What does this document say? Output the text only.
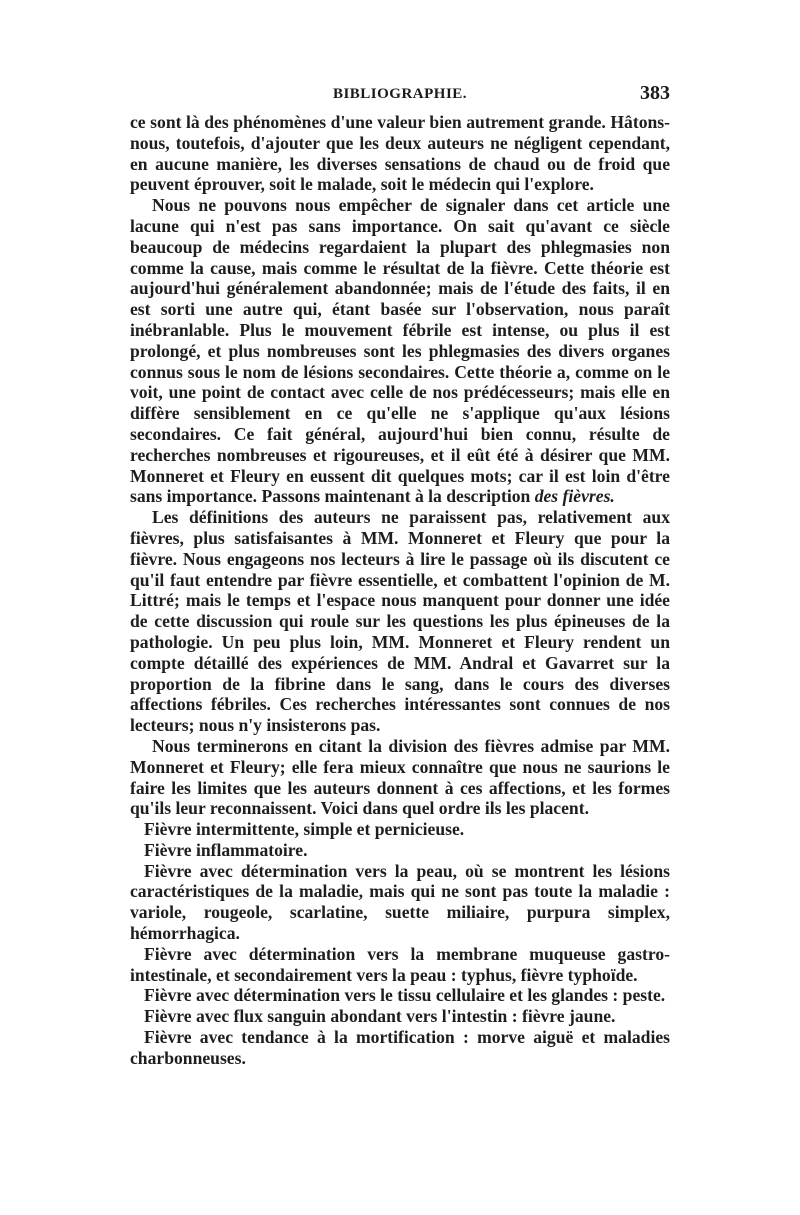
BIBLIOGRAPHIE.	383

ce sont là des phénomènes d'une valeur bien autrement grande. Hâtons-nous, toutefois, d'ajouter que les deux auteurs ne négligent cependant, en aucune manière, les diverses sensations de chaud ou de froid que peuvent éprouver, soit le malade, soit le médecin qui l'explore.

Nous ne pouvons nous empêcher de signaler dans cet article une lacune qui n'est pas sans importance. On sait qu'avant ce siècle beaucoup de médecins regardaient la plupart des phlegmasies non comme la cause, mais comme le résultat de la fièvre. Cette théorie est aujourd'hui généralement abandonnée; mais de l'étude des faits, il en est sorti une autre qui, étant basée sur l'observation, nous paraît inébranlable. Plus le mouvement fébrile est intense, ou plus il est prolongé, et plus nombreuses sont les phlegmasies des divers organes connus sous le nom de lésions secondaires. Cette théorie a, comme on le voit, une point de contact avec celle de nos prédécesseurs; mais elle en diffère sensiblement en ce qu'elle ne s'applique qu'aux lésions secondaires. Ce fait général, aujourd'hui bien connu, résulte de recherches nombreuses et rigoureuses, et il eût été à désirer que MM. Monneret et Fleury en eussent dit quelques mots; car il est loin d'être sans importance. Passons maintenant à la description des fièvres.

Les définitions des auteurs ne paraissent pas, relativement aux fièvres, plus satisfaisantes à MM. Monneret et Fleury que pour la fièvre. Nous engageons nos lecteurs à lire le passage où ils discutent ce qu'il faut entendre par fièvre essentielle, et combattent l'opinion de M. Littré; mais le temps et l'espace nous manquent pour donner une idée de cette discussion qui roule sur les questions les plus épineuses de la pathologie. Un peu plus loin, MM. Monneret et Fleury rendent un compte détaillé des expériences de MM. Andral et Gavarret sur la proportion de la fibrine dans le sang, dans le cours des diverses affections fébriles. Ces recherches intéressantes sont connues de nos lecteurs; nous n'y insisterons pas.

Nous terminerons en citant la division des fièvres admise par MM. Monneret et Fleury; elle fera mieux connaître que nous ne saurions le faire les limites que les auteurs donnent à ces affections, et les formes qu'ils leur reconnaissent. Voici dans quel ordre ils les placent.

Fièvre intermittente, simple et pernicieuse.

Fièvre inflammatoire.

Fièvre avec détermination vers la peau, où se montrent les lésions caractéristiques de la maladie, mais qui ne sont pas toute la maladie : variole, rougeole, scarlatine, suette miliaire, purpura simplex, hémorrhagica.

Fièvre avec détermination vers la membrane muqueuse gastro-intestinale, et secondairement vers la peau : typhus, fièvre typhoïde.

Fièvre avec détermination vers le tissu cellulaire et les glandes : peste.

Fièvre avec flux sanguin abondant vers l'intestin : fièvre jaune.

Fièvre avec tendance à la mortification : morve aiguë et maladies charbonneuses.
